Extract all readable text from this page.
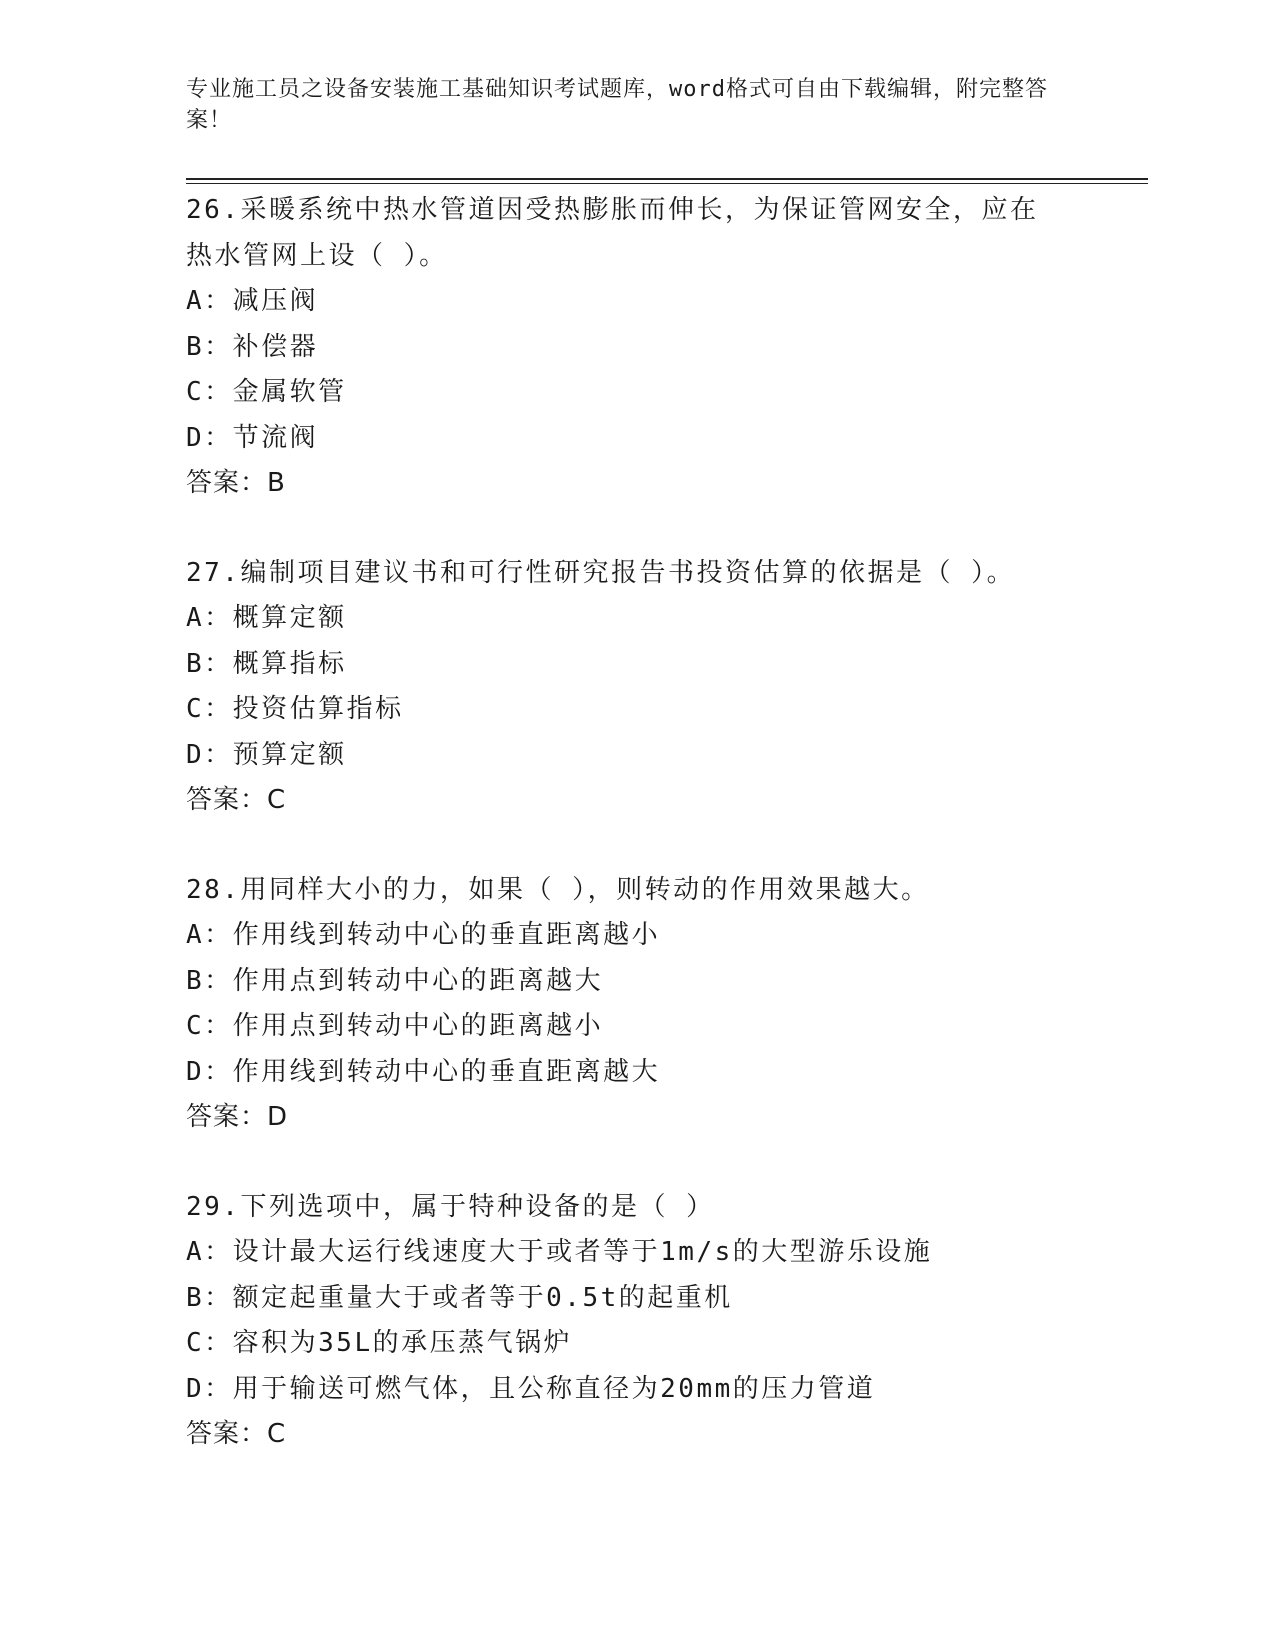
专业施工员之设备安装施工基础知识考试题库，word格式可自由下载编辑，附完整答案！
26.采暖系统中热水管道因受热膨胀而伸长，为保证管网安全，应在热水管网上设（ ）。
A：减压阀
B：补偿器
C：金属软管
D：节流阀
答案：B
27.编制项目建议书和可行性研究报告书投资估算的依据是（ ）。
A：概算定额
B：概算指标
C：投资估算指标
D：预算定额
答案：C
28.用同样大小的力，如果（ ），则转动的作用效果越大。
A：作用线到转动中心的垂直距离越小
B：作用点到转动中心的距离越大
C：作用点到转动中心的距离越小
D：作用线到转动中心的垂直距离越大
答案：D
29.下列选项中，属于特种设备的是（ ）
A：设计最大运行线速度大于或者等于1m/s的大型游乐设施
B：额定起重量大于或者等于0.5t的起重机
C：容积为35L的承压蒸气锅炉
D：用于输送可燃气体，且公称直径为20mm的压力管道
答案：C
